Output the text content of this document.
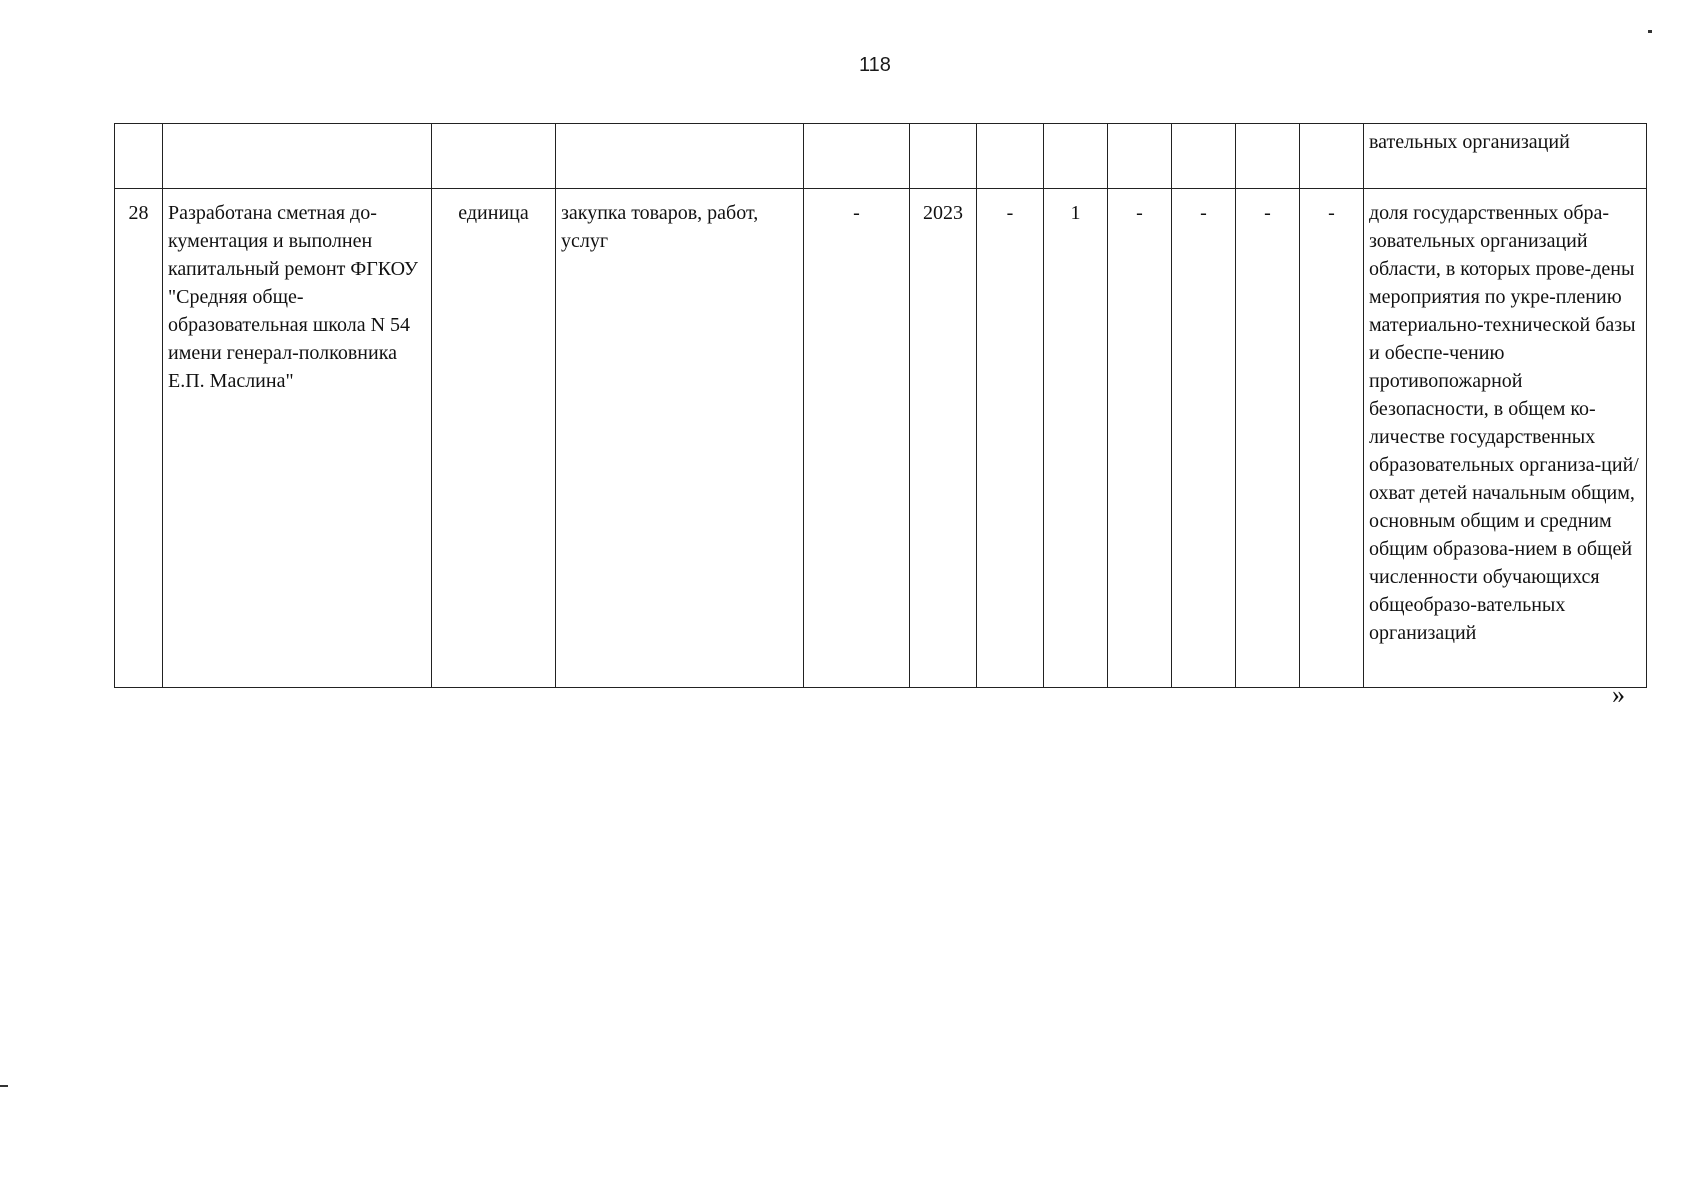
118
												вательных организаций
28	Разработана сметная до-кументация и выполнен капитальный ремонт ФГКОУ "Средняя обще-образовательная школа N 54 имени генерал-полковника Е.П. Маслина"	единица	закупка товаров, работ, услуг	-	2023	-	1	-	-	-	-	доля государственных обра-зовательных организаций области, в которых прове-дены мероприятия по укре-плению материально-технической базы и обеспе-чению противопожарной безопасности, в общем ко-личестве государственных образовательных организа-ций/охват детей начальным общим, основным общим и средним общим образова-нием в общей численности обучающихся общеобразо-вательных организаций
»
